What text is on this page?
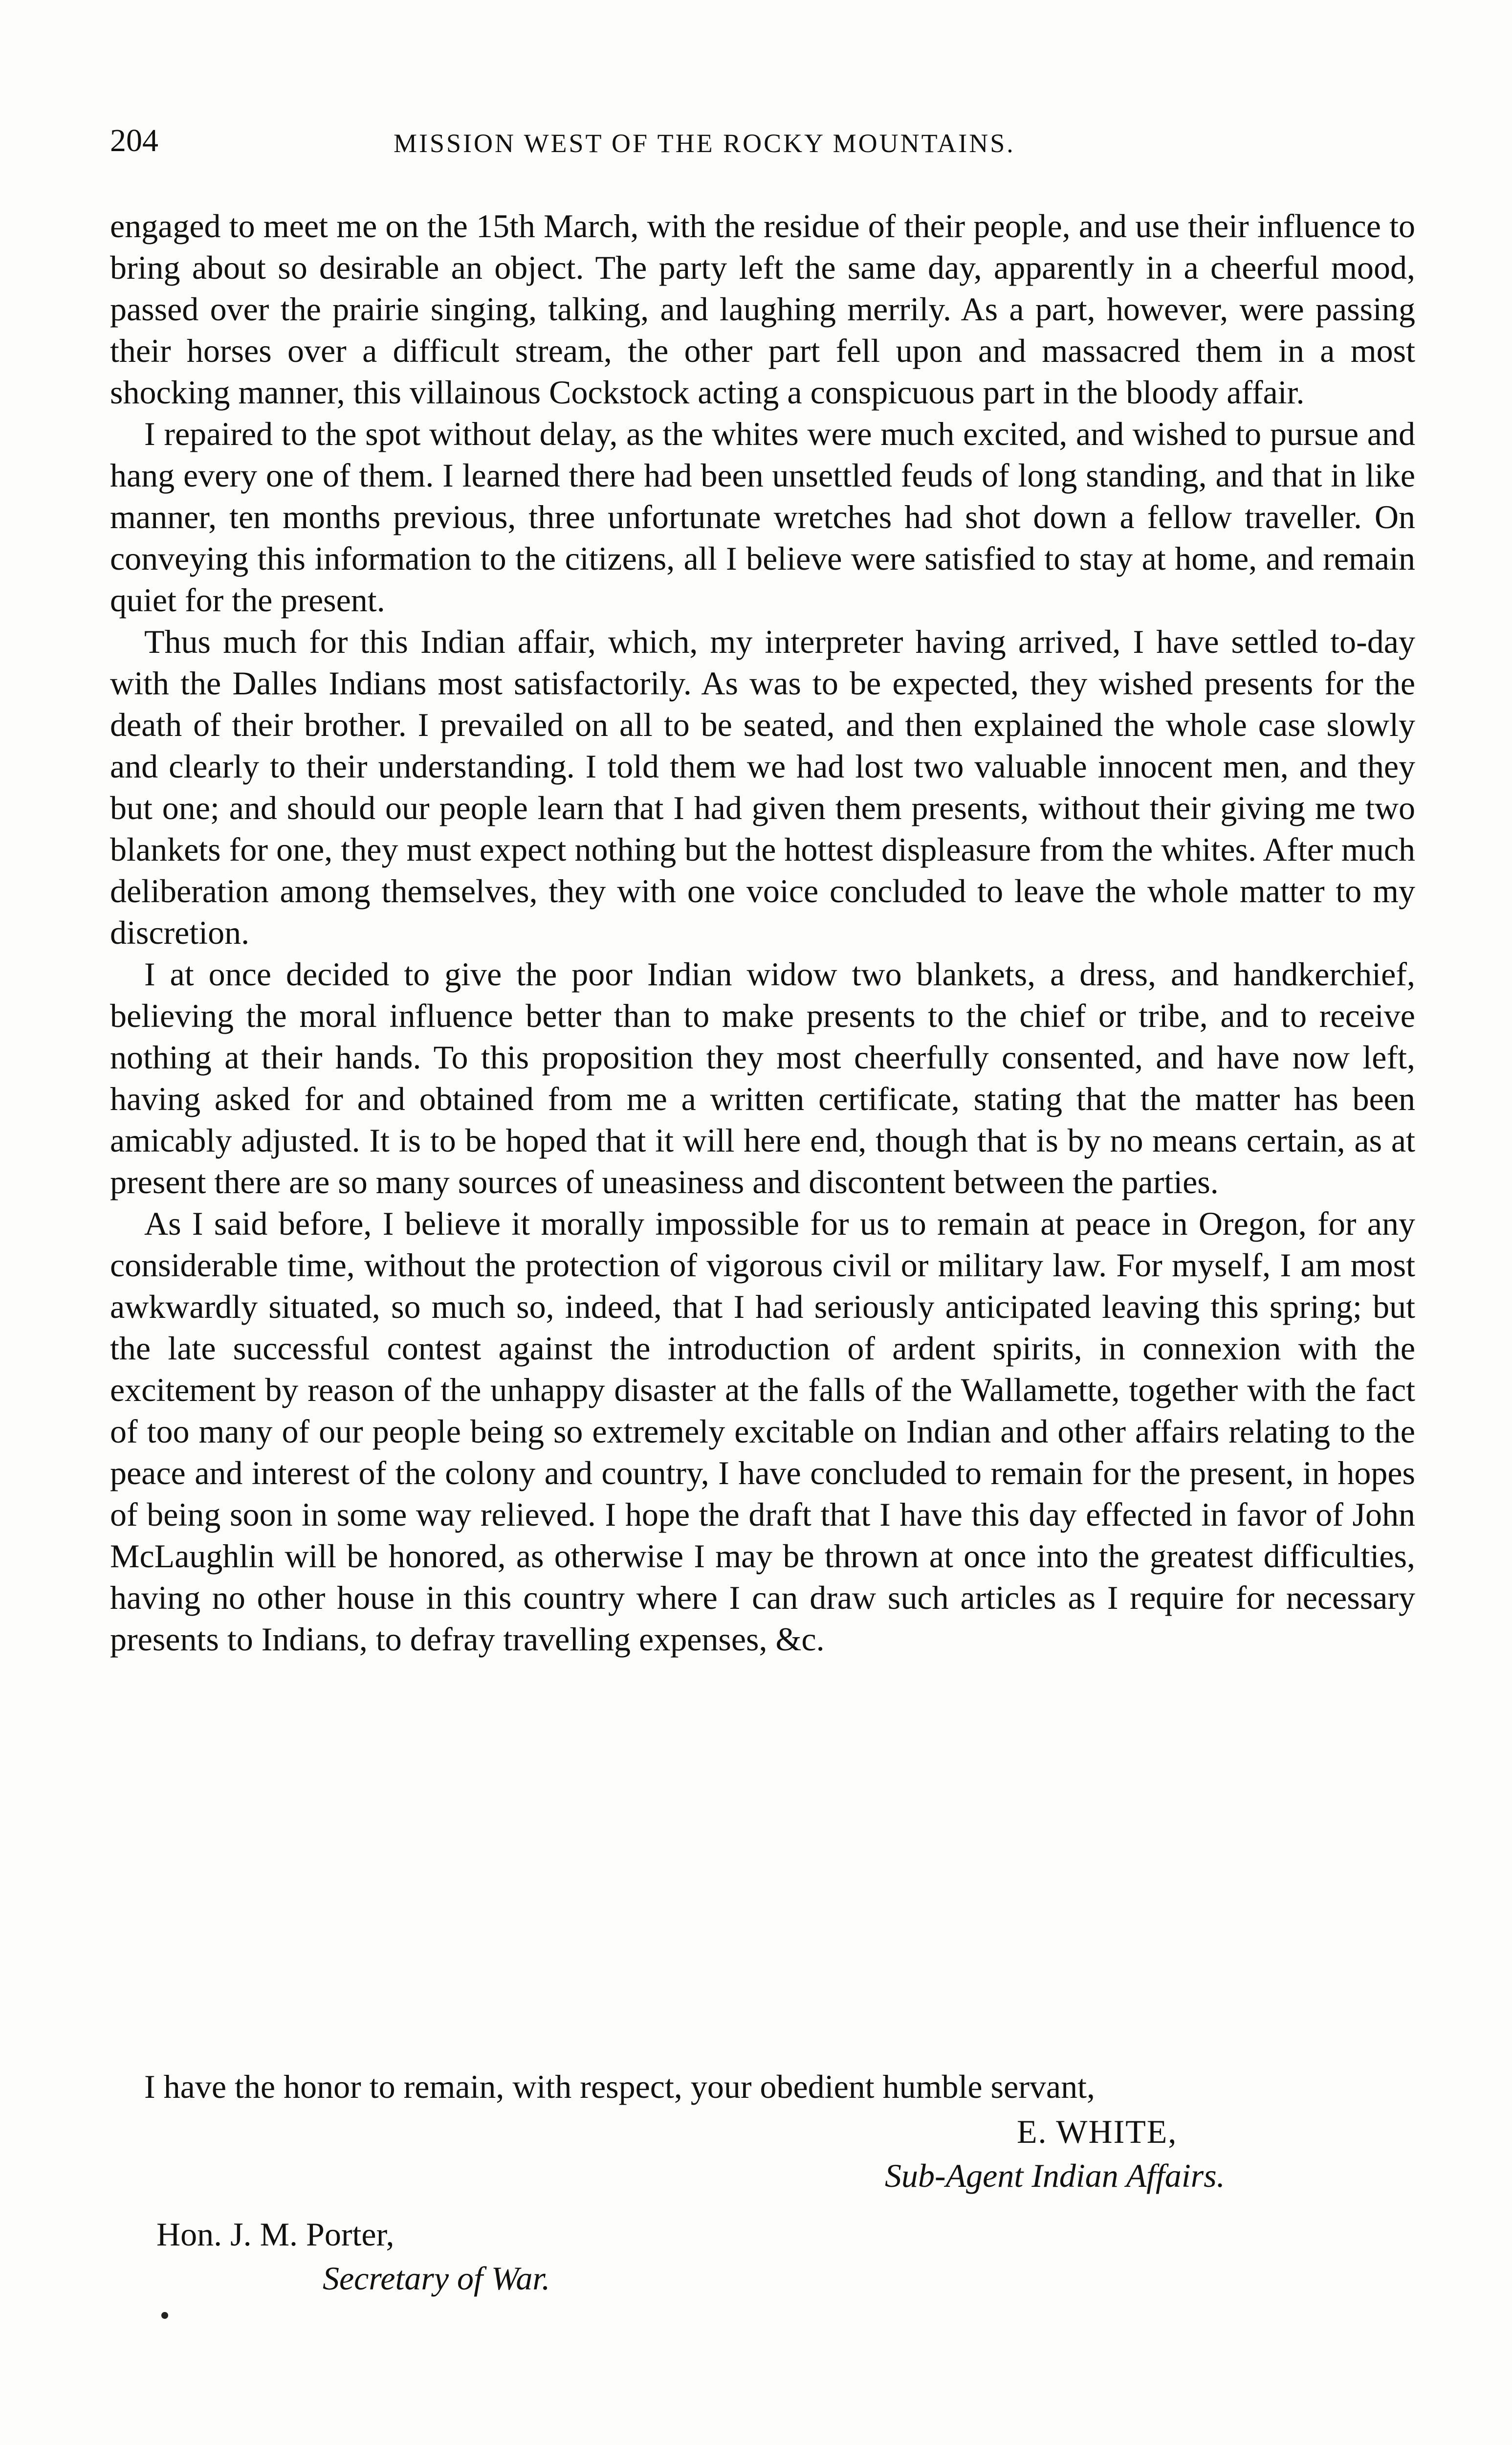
204	MISSION WEST OF THE ROCKY MOUNTAINS.

engaged to meet me on the 15th March, with the residue of their people, and use their influence to bring about so desirable an object. The party left the same day, apparently in a cheerful mood, passed over the prairie singing, talking, and laughing merrily. As a part, however, were passing their horses over a difficult stream, the other part fell upon and massacred them in a most shocking manner, this villainous Cockstock acting a conspicuous part in the bloody affair.

I repaired to the spot without delay, as the whites were much excited, and wished to pursue and hang every one of them. I learned there had been unsettled feuds of long standing, and that in like manner, ten months previous, three unfortunate wretches had shot down a fellow traveller. On conveying this information to the citizens, all I believe were satisfied to stay at home, and remain quiet for the present.

Thus much for this Indian affair, which, my interpreter having arrived, I have settled to-day with the Dalles Indians most satisfactorily. As was to be expected, they wished presents for the death of their brother. I prevailed on all to be seated, and then explained the whole case slowly and clearly to their understanding. I told them we had lost two valuable innocent men, and they but one; and should our people learn that I had given them presents, without their giving me two blankets for one, they must expect nothing but the hottest displeasure from the whites. After much deliberation among themselves, they with one voice concluded to leave the whole matter to my discretion.

I at once decided to give the poor Indian widow two blankets, a dress, and handkerchief, believing the moral influence better than to make presents to the chief or tribe, and to receive nothing at their hands. To this proposition they most cheerfully consented, and have now left, having asked for and obtained from me a written certificate, stating that the matter has been amicably adjusted. It is to be hoped that it will here end, though that is by no means certain, as at present there are so many sources of uneasiness and discontent between the parties.

As I said before, I believe it morally impossible for us to remain at peace in Oregon, for any considerable time, without the protection of vigorous civil or military law. For myself, I am most awkwardly situated, so much so, indeed, that I had seriously anticipated leaving this spring; but the late successful contest against the introduction of ardent spirits, in connexion with the excitement by reason of the unhappy disaster at the falls of the Wallamette, together with the fact of too many of our people being so extremely excitable on Indian and other affairs relating to the peace and interest of the colony and country, I have concluded to remain for the present, in hopes of being soon in some way relieved. I hope the draft that I have this day effected in favor of John McLaughlin will be honored, as otherwise I may be thrown at once into the greatest difficulties, having no other house in this country where I can draw such articles as I require for necessary presents to Indians, to defray travelling expenses, &c.

I have the honor to remain, with respect, your obedient humble servant,
E. WHITE,
Sub-Agent Indian Affairs.
Hon. J. M. Porter,
Secretary of War.
